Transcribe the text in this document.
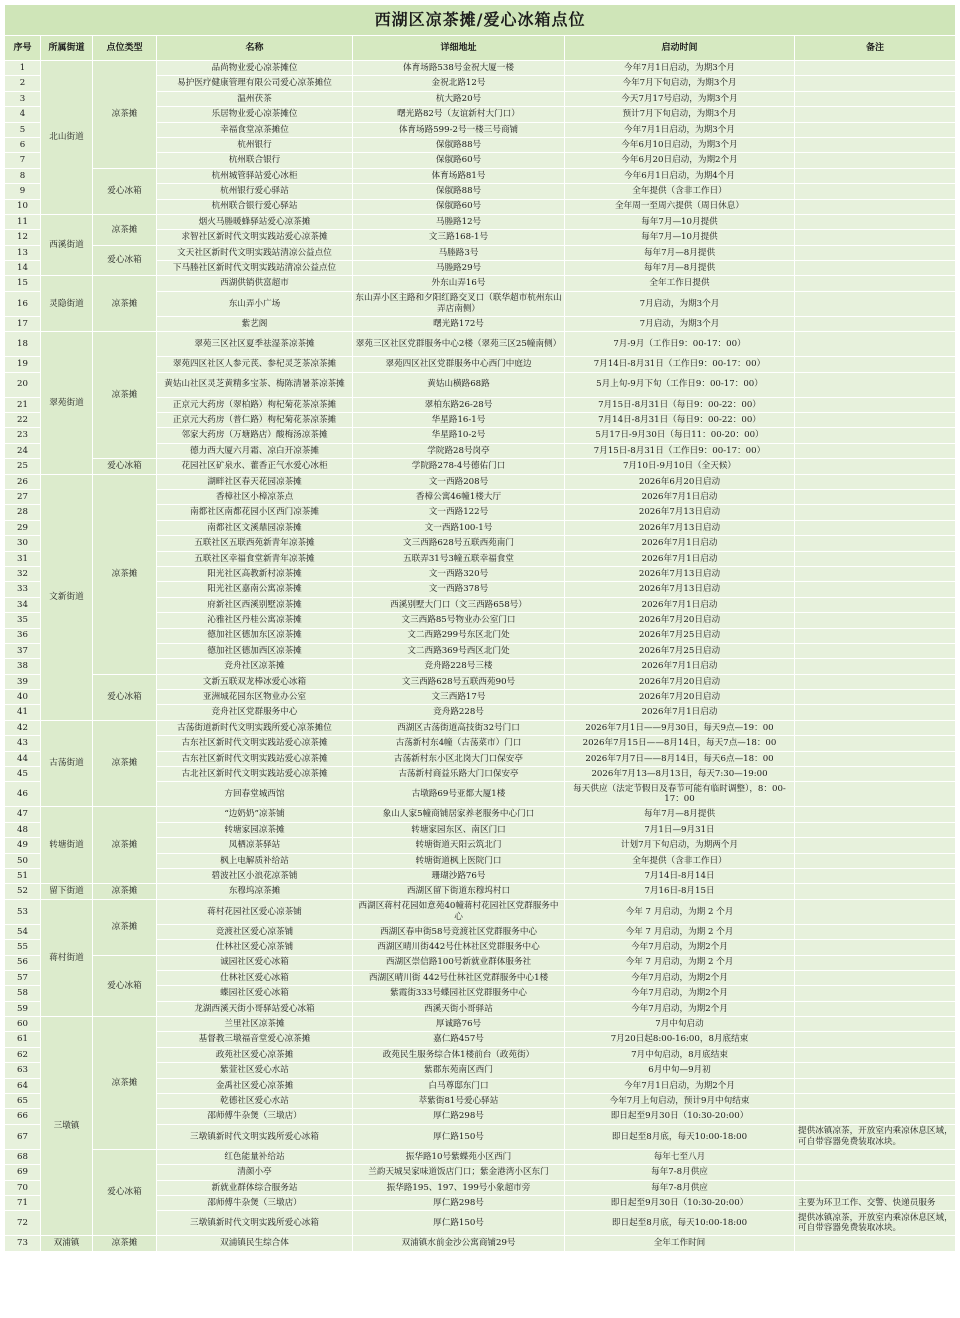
西湖区凉茶摊/爱心冰箱点位						
序号	所属街道	点位类型	名称	详细地址	启动时间	备注
1	北山街道	凉茶摊	品尚物业爱心凉茶摊位	体育场路538号金祝大厦一楼	今年7月1日启动，为期3个月	
2			易护医疗健康管理有限公司爱心凉茶摊位	金祝北路12号	今年7月下旬启动，为期3个月	
3			温州茯茶	杭大路20号	今天7月17号启动，为期3个月	
4			乐居物业爱心凉茶摊位	曙光路82号（友谊新村大门口）	预计7月下旬启动，为期3个月	
5			幸福食堂凉茶摊位	体育场路599-2号一楼三号商铺	今年7月1日启动，为期3个月	
6			杭州银行	保俶路88号	今年6月10日启动，为期3个月	
7			杭州联合银行	保俶路60号	今年6月20日启动，为期2个月	
8		爱心冰箱	杭州城管驿站爱心冰柜	体育场路81号	今年6月1日启动，为期4个月	
9			杭州银行爱心驿站	保俶路88号	全年提供（含非工作日）	
10			杭州联合银行爱心驿站	保俶路60号	全年周一至周六提供（周日休息）	
11	西溪街道	凉茶摊	烟火马塍暖蜂驿站爱心凉茶摊	马塍路12号	每年7月—10月提供	
12			求智社区新时代文明实践站爱心凉茶摊	文三路168-1号	每年7月—10月提供	
13		爱心冰箱	文天社区新时代文明实践站清凉公益点位	马塍路3号	每年7月—8月提供	
14			下马塍社区新时代文明实践站清凉公益点位	马塍路29号	每年7月—8月提供	
15	灵隐街道	凉茶摊	西湖供销供富超市	外东山弄16号	全年工作日提供	
16			东山弄小广场	东山弄小区主路和夕阳红路交叉口（联华超市杭州东山弄店南侧）	7月启动，为期3个月	
17			紫艺阁	曙光路172号	7月启动，为期3个月	
18	翠苑街道	凉茶摊	翠苑三区社区夏季祛湿茶凉茶摊	翠苑三区社区党群服务中心2楼（翠苑三区25幢南侧）	7月-9月（工作日9：00-17：00）	
19			翠苑四区社区人参元芪、参杞灵芝茶凉茶摊	翠苑四区社区党群服务中心西门中庭边	7月14日-8月31日（工作日9：00-17：00）	
20			黄姑山社区灵芝黄精多宝茶、梅陈清暑茶凉茶摊	黄姑山横路68路	5月上旬-9月下旬（工作日9：00-17：00）	
21			正京元大药房（翠柏路）枸杞菊花茶凉茶摊	翠柏东路26-28号	7月15日-8月31日（每日9：00-22：00）	
22			正京元大药房（普仁路）枸杞菊花茶凉茶摊	华星路16-1号	7月14日-8月31日（每日9：00-22：00）	
23			邻家大药房（万塘路店）酸梅汤凉茶摊	华星路10-2号	5月17日-9月30日（每日11：00-20：00）	
24			德力西大厦六月霜、凉白开凉茶摊	学院路28号岗亭	7月15日-8月31日（工作日9：00-17：00）	
25		爱心冰箱	花园社区矿泉水、藿香正气水爱心冰柜	学院路278-4号德佑门口	7月10日-9月10日（全天候）	
26	文新街道	凉茶摊	湖畔社区春天花园凉茶摊	文一西路208号	2026年6月20日启动	
27			香樟社区小樟凉茶点	香樟公寓46幢1楼大厅	2026年7月1日启动	
28			南都社区南都花园小区西门凉茶摊	文一西路122号	2026年7月13日启动	
29			南都社区文溪鼎园凉茶摊	文一西路100-1号	2026年7月13日启动	
30			五联社区五联西苑新青年凉茶摊	文三西路628号五联西苑南门	2026年7月1日启动	
31			五联社区幸福食堂新青年凉茶摊	五联弄31号3幢五联幸福食堂	2026年7月1日启动	
32			阳光社区高教新村凉茶摊	文一西路320号	2026年7月13日启动	
33			阳光社区嘉南公寓凉茶摊	文一西路378号	2026年7月13日启动	
34			府新社区西溪别墅凉茶摊	西溪别墅大门口（文三西路658号）	2026年7月1日启动	
35			沁雅社区丹桂公寓凉茶摊	文三西路85号物业办公室门口	2026年7月20日启动	
36			德加社区德加东区凉茶摊	文二西路299号东区北门处	2026年7月25日启动	
37			德加社区德加西区凉茶摊	文二西路369号西区北门处	2026年7月25日启动	
38			竞舟社区凉茶摊	竞舟路228号三楼	2026年7月1日启动	
39		爱心冰箱	文新五联双龙棒冰爱心冰箱	文三西路628号五联西苑90号	2026年7月20日启动	
40			亚洲城花园东区物业办公室	文三西路17号	2026年7月20日启动	
41			竞舟社区党群服务中心	竞舟路228号	2026年7月1日启动	
42	古荡街道	凉茶摊	古荡街道新时代文明实践所爱心凉茶摊位	西湖区古荡街道高技街32号门口	2026年7月1日——9月30日，每天9点—19：00	
43			古东社区新时代文明实践站爱心凉茶摊	古荡新村东4幢（古荡菜市）门口	2026年7月15日——8月14日，每天7点—18：00	
44			古东社区新时代文明实践站爱心凉茶摊	古荡新村东小区北岗大门口保安亭	2026年7月7日——8月14日，每天6点—18：00	
45			古北社区新时代文明实践站爱心凉茶摊	古荡新村商益乐路大门口保安亭	2026年7月13—8月13日，每天7:30—19:00	
46			方回春堂城西馆	古墩路69号亚都大厦1楼	每天供应（法定节假日及春节可能有临时调整），8：00-17：00	
47	转塘街道	凉茶摊	“边奶奶”凉茶铺	象山人家5幢商铺居家养老服务中心门口	每年7月—8月提供	
48			转塘家园凉茶摊	转塘家园东区、南区门口	7月1日—9月31日	
49			凤栖凉茶驿站	转塘街道天阳云筑北门	计划7月下旬启动，为期两个月	
50			枫上电解质补给站	转塘街道枫上医院门口	全年提供（含非工作日）	
51			碧波社区小浪花凉茶铺	珊瑚沙路76号	7月14日-8月14日	
52	留下街道	凉茶摊	东穆坞凉茶摊	西湖区留下街道东穆坞村口	7月16日-8月15日	
53	蒋村街道	凉茶摊	蒋村花园社区爱心凉茶铺	西湖区蒋村花园如意苑40幢蒋村花园社区党群服务中心	今年 7 月启动，为期 2 个月	
54			竞渡社区爱心凉茶铺	西湖区春申街58号竞渡社区党群服务中心	今年 7 月启动，为期 2 个月	
55			仕林社区爱心凉茶铺	西湖区晴川街442号仕林社区党群服务中心	今年7月启动，为期2个月	
56		爱心冰箱	诚园社区爱心冰箱	西湖区崇信路100号新就业群体服务社	今年 7 月启动，为期 2 个月	
57			仕林社区爱心冰箱	西湖区晴川街 442号仕林社区党群服务中心1楼	今年7月启动，为期2个月	
58			蝶园社区爱心冰箱	紫霞街333号蝶园社区党群服务中心	今年7月启动，为期2个月	
59			龙湖西溪天街小哥驿站爱心冰箱	西溪天街小哥驿站	今年7月启动，为期2个月	
60	三墩镇	凉茶摊	兰里社区凉茶摊	厚诚路76号	7月中旬启动	
61			基督教三墩福音堂爱心凉茶摊	嘉仁路457号	7月20日起8:00-16:00，8月底结束	
62			政苑社区爱心凉茶摊	政苑民生服务综合体1楼前台（政苑街）	7月中旬启动，8月底结束	
63			紫萱社区爱心水站	紫郡东苑南区西门	6月中旬—9月初	
64			金禹社区爱心凉茶摊	白马尊邸东门口	今年7月1日启动，为期2个月	
65			乾德社区爱心水站	萃紫街81号爱心驿站	今年7月上旬启动，预计9月中旬结束	
66			邵师傅牛杂煲（三墩店）	厚仁路298号	即日起至9月30日（10:30-20:00）	
67			三墩镇新时代文明实践所爱心冰箱	厚仁路150号	即日起至8月底，每天10:00-18:00	提供冰镇凉茶，开放室内乘凉休息区域，可自带容器免费装取冰块。
68		爱心冰箱	红色能量补给站	振华路10号紫蝶苑小区西门	每年七至八月	
69			清颜小亭	兰韵天城吴家味道饭店门口；紫金港湾小区东门	每年7-8月供应	
70			新就业群体综合服务站	振华路195、197、199号小象超市旁	每年7-8月供应	
71			邵师傅牛杂煲（三墩店）	厚仁路298号	即日起至9月30日（10:30-20:00）	主要为环卫工作、交警、快递员服务
72			三墩镇新时代文明实践所爱心冰箱	厚仁路150号	即日起至8月底，每天10:00-18:00	提供冰镇凉茶，开放室内乘凉休息区域，可自带容器免费装取冰块。
73	双浦镇	凉茶摊	双浦镇民生综合体	双浦镇水前金沙公寓商铺29号	全年工作时间	
